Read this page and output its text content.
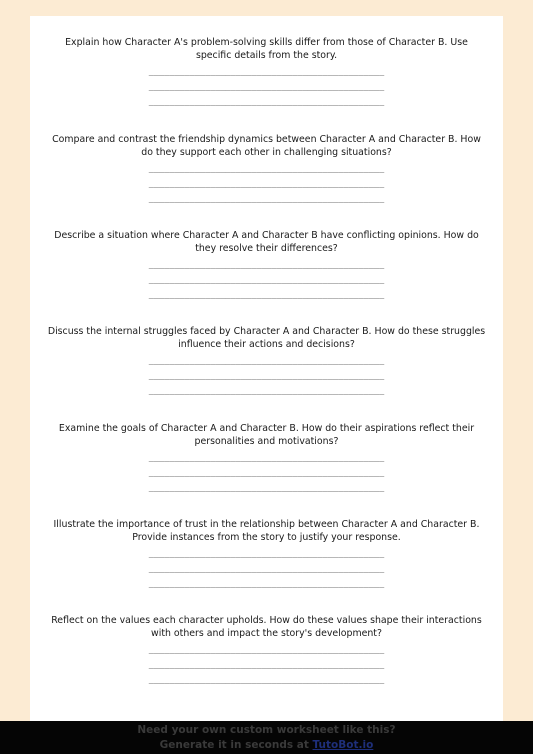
Explain how Character A's problem-solving skills differ from those of Character B. Use specific details from the story.
______________________________________________
______________________________________________
______________________________________________
Compare and contrast the friendship dynamics between Character A and Character B. How do they support each other in challenging situations?
______________________________________________
______________________________________________
______________________________________________
Describe a situation where Character A and Character B have conflicting opinions. How do they resolve their differences?
______________________________________________
______________________________________________
______________________________________________
Discuss the internal struggles faced by Character A and Character B. How do these struggles influence their actions and decisions?
______________________________________________
______________________________________________
______________________________________________
Examine the goals of Character A and Character B. How do their aspirations reflect their personalities and motivations?
______________________________________________
______________________________________________
______________________________________________
Illustrate the importance of trust in the relationship between Character A and Character B. Provide instances from the story to justify your response.
______________________________________________
______________________________________________
______________________________________________
Reflect on the values each character upholds. How do these values shape their interactions with others and impact the story's development?
______________________________________________
______________________________________________
______________________________________________
Need your own custom worksheet like this?
Generate it in seconds at TutoBot.io
